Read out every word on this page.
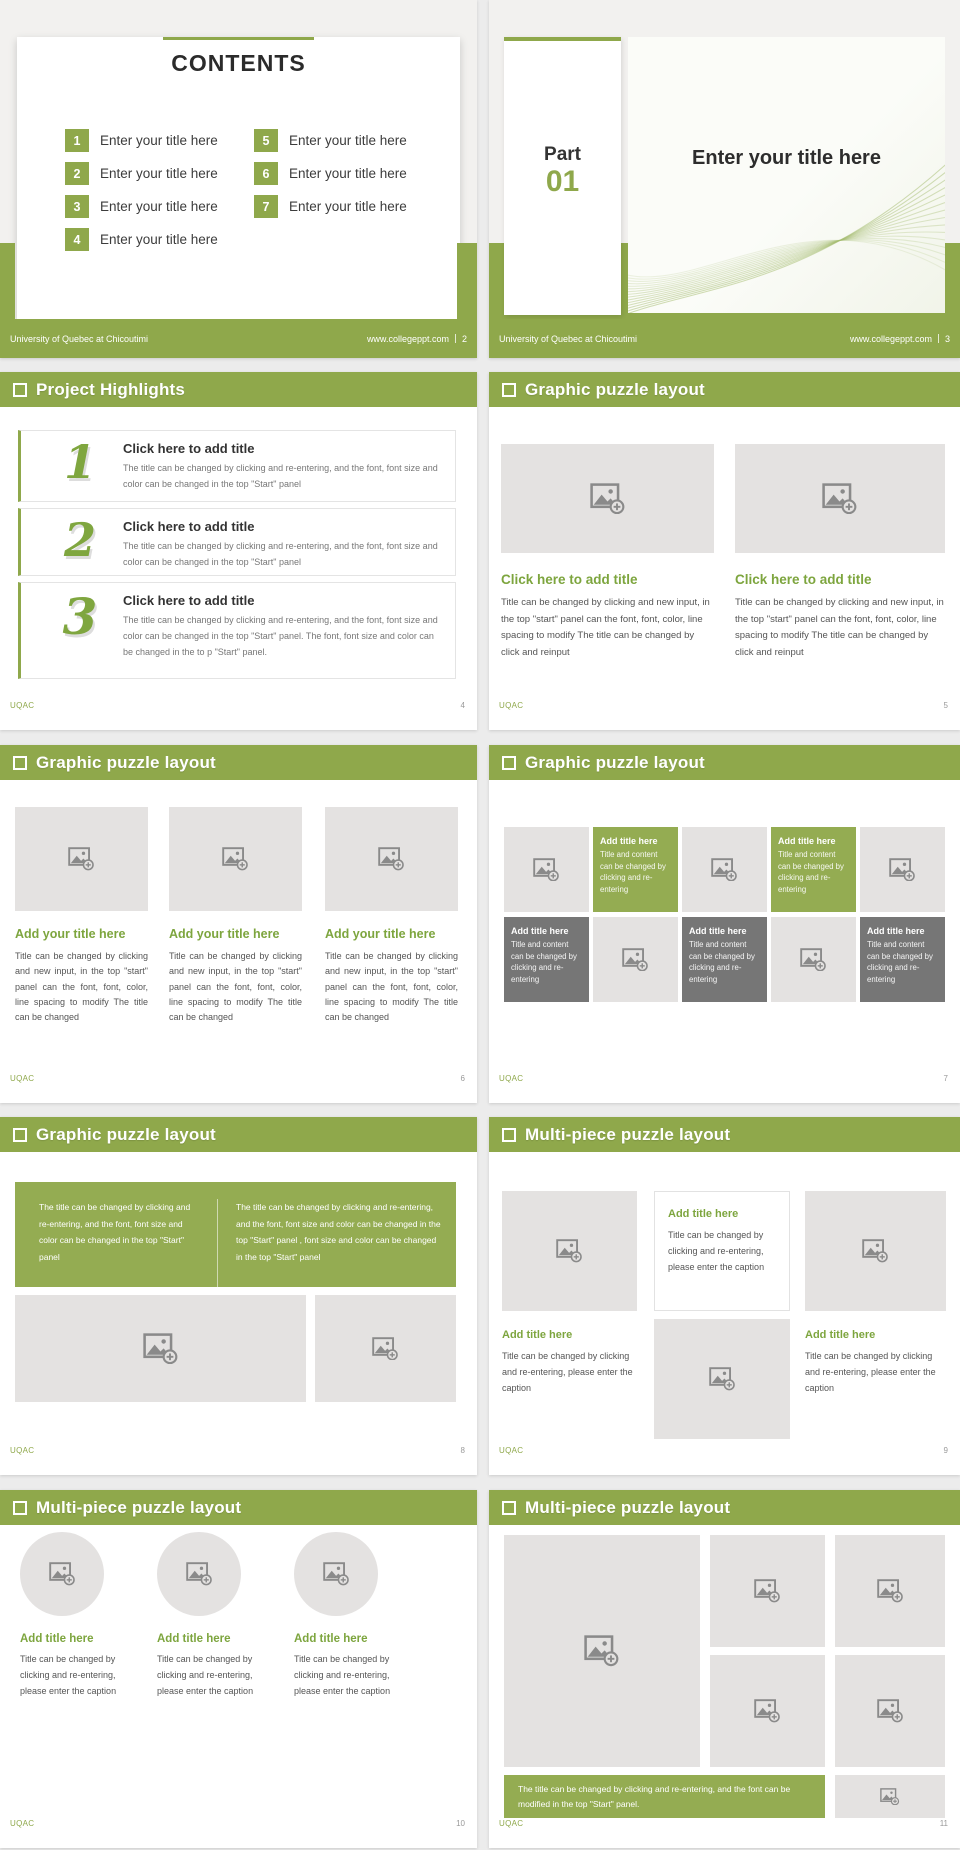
CONTENTS
1	Enter your title here
2	Enter your title here
3	Enter your title here
4	Enter your title here
5	Enter your title here
6	Enter your title here
7	Enter your title here
University of Quebec at Chicoutimi	www.collegeppt.com 2
Part
01
Enter your title here
University of Quebec at Chicoutimi	www.collegeppt.com 3
Project Highlights
1	Click here to add title
The title can be changed by clicking and re-entering, and the font, font size and color can be changed in the top "Start" panel
2	Click here to add title
The title can be changed by clicking and re-entering, and the font, font size and color can be changed in the top "Start" panel
3	Click here to add title
The title can be changed by clicking and re-entering, and the font, font size and color can be changed in the top "Start" panel. The font, font size and color can be changed in the to p "Start" panel.
UQAC	4
Graphic puzzle layout
Click here to add title
Title can be changed by clicking and new input, in the top "start" panel can the font, font, color, line spacing to modify The title can be changed by click and reinput
Click here to add title
Title can be changed by clicking and new input, in the top "start" panel can the font, font, color, line spacing to modify The title can be changed by click and reinput
UQAC	5
Graphic puzzle layout
Add your title here
Title can be changed by clicking and new input, in the top "start" panel can the font, font, color, line spacing to modify The title can be changed
Add your title here
Title can be changed by clicking and new input, in the top "start" panel can the font, font, color, line spacing to modify The title can be changed
Add your title here
Title can be changed by clicking and new input, in the top "start" panel can the font, font, color, line spacing to modify The title can be changed
UQAC	6
Graphic puzzle layout
Add title here
Title and content can be changed by clicking and re-entering
Add title here
Title and content can be changed by clicking and re-entering
Add title here
Title and content can be changed by clicking and re-entering
Add title here
Title and content can be changed by clicking and re-entering
Add title here
Title and content can be changed by clicking and re-entering
UQAC	7
Graphic puzzle layout
The title can be changed by clicking and re-entering, and the font, font size and color can be changed in the top "Start" panel
The title can be changed by clicking and re-entering, and the font, font size and color can be changed in the top "Start" panel , font size and color can be changed in the top "Start" panel
UQAC	8
Multi-piece puzzle layout
Add title here
Title can be changed by clicking and re-entering, please enter the caption
Add title here
Title can be changed by clicking and re-entering, please enter the caption
Add title here
Title can be changed by clicking and re-entering, please enter the caption
UQAC	9
Multi-piece puzzle layout
Add title here
Title can be changed by clicking and re-entering, please enter the caption
Add title here
Title can be changed by clicking and re-entering, please enter the caption
Add title here
Title can be changed by clicking and re-entering, please enter the caption
UQAC	10
Multi-piece puzzle layout
The title can be changed by clicking and re-entering, and the font can be modified in the top "Start" panel.
UQAC	11
